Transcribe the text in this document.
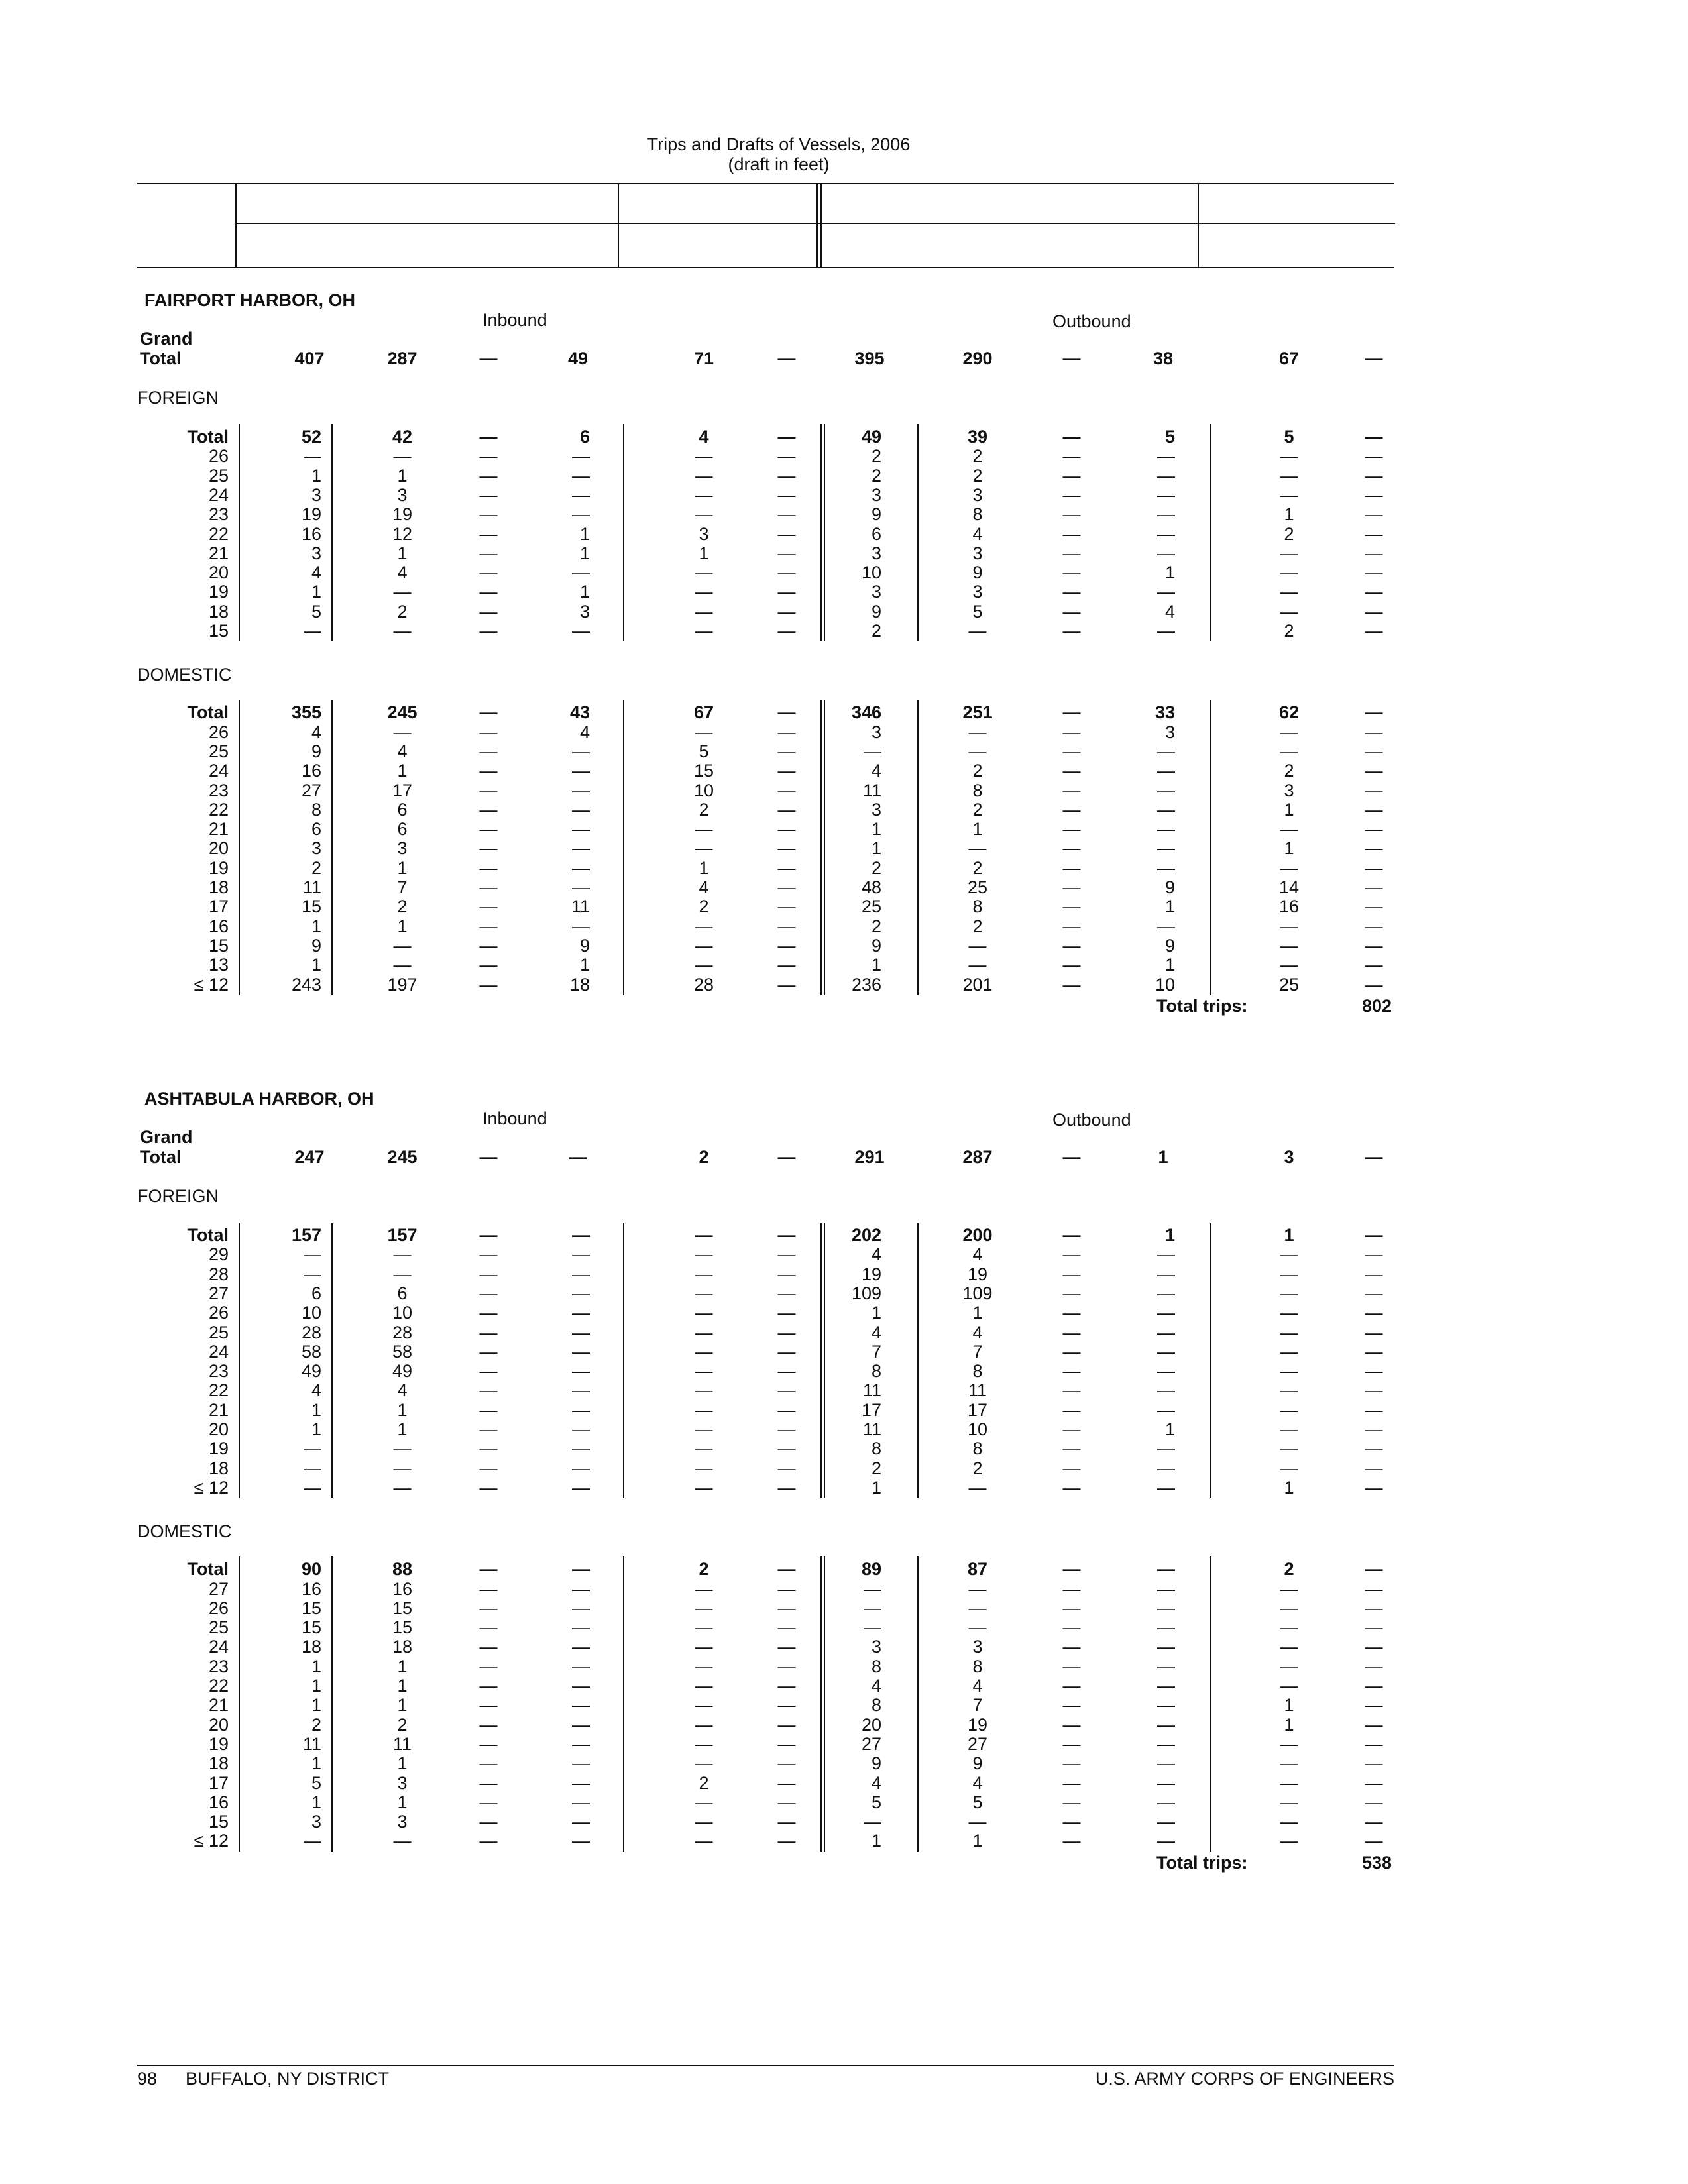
Trips and Drafts of Vessels, 2006
(draft in feet)
FAIRPORT HARBOR, OH
Inbound	Outbound
Grand Total	407	287	—	49	71	—	395	290	—	38	67	—
FOREIGN
Total	52	42	—	6	4	—	49	39	—	5	5	—
26	—	—	—	—	—	—	2	2	—	—	—	—
25	1	1	—	—	—	—	2	2	—	—	—	—
24	3	3	—	—	—	—	3	3	—	—	—	—
23	19	19	—	—	—	—	9	8	—	—	1	—
22	16	12	—	1	3	—	6	4	—	—	2	—
21	3	1	—	1	1	—	3	3	—	—	—	—
20	4	4	—	—	—	—	10	9	—	1	—	—
19	1	—	—	1	—	—	3	3	—	—	—	—
18	5	2	—	3	—	—	9	5	—	4	—	—
15	—	—	—	—	—	—	2	—	—	—	2	—
DOMESTIC
Total	355	245	—	43	67	—	346	251	—	33	62	—
26	4	—	—	4	—	—	3	—	—	3	—	—
25	9	4	—	—	5	—	—	—	—	—	—	—
24	16	1	—	—	15	—	4	2	—	—	2	—
23	27	17	—	—	10	—	11	8	—	—	3	—
22	8	6	—	—	2	—	3	2	—	—	1	—
21	6	6	—	—	—	—	1	1	—	—	—	—
20	3	3	—	—	—	—	1	—	—	—	1	—
19	2	1	—	—	1	—	2	2	—	—	—	—
18	11	7	—	—	4	—	48	25	—	9	14	—
17	15	2	—	11	2	—	25	8	—	1	16	—
16	1	1	—	—	—	—	2	2	—	—	—	—
15	9	—	—	9	—	—	9	—	—	9	—	—
13	1	—	—	1	—	—	1	—	—	1	—	—
≤ 12	243	197	—	18	28	—	236	201	—	10	25	—
Total trips:	802
ASHTABULA HARBOR, OH
Inbound	Outbound
Grand Total	247	245	—	—	2	—	291	287	—	1	3	—
FOREIGN
Total	157	157	—	—	—	—	202	200	—	1	1	—
29	—	—	—	—	—	—	4	4	—	—	—	—
28	—	—	—	—	—	—	19	19	—	—	—	—
27	6	6	—	—	—	—	109	109	—	—	—	—
26	10	10	—	—	—	—	1	1	—	—	—	—
25	28	28	—	—	—	—	4	4	—	—	—	—
24	58	58	—	—	—	—	7	7	—	—	—	—
23	49	49	—	—	—	—	8	8	—	—	—	—
22	4	4	—	—	—	—	11	11	—	—	—	—
21	1	1	—	—	—	—	17	17	—	—	—	—
20	1	1	—	—	—	—	11	10	—	1	—	—
19	—	—	—	—	—	—	8	8	—	—	—	—
18	—	—	—	—	—	—	2	2	—	—	—	—
≤ 12	—	—	—	—	—	—	1	—	—	—	1	—
DOMESTIC
Total	90	88	—	—	2	—	89	87	—	—	2	—
27	16	16	—	—	—	—	—	—	—	—	—	—
26	15	15	—	—	—	—	—	—	—	—	—	—
25	15	15	—	—	—	—	—	—	—	—	—	—
24	18	18	—	—	—	—	3	3	—	—	—	—
23	1	1	—	—	—	—	8	8	—	—	—	—
22	1	1	—	—	—	—	4	4	—	—	—	—
21	1	1	—	—	—	—	8	7	—	—	1	—
20	2	2	—	—	—	—	20	19	—	—	1	—
19	11	11	—	—	—	—	27	27	—	—	—	—
18	1	1	—	—	—	—	9	9	—	—	—	—
17	5	3	—	—	2	—	4	4	—	—	—	—
16	1	1	—	—	—	—	5	5	—	—	—	—
15	3	3	—	—	—	—	—	—	—	—	—	—
≤ 12	—	—	—	—	—	—	1	1	—	—	—	—
Total trips:	538
98 BUFFALO, NY DISTRICT	U.S. ARMY CORPS OF ENGINEERS
